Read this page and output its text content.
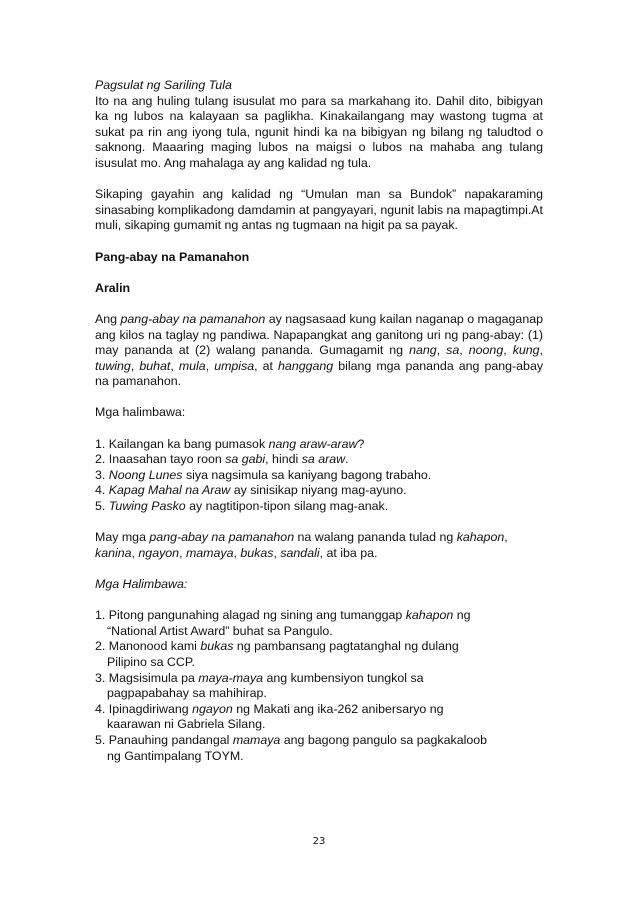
Pagsulat ng Sariling Tula

Ito na ang huling tulang isusulat mo para sa markahang ito. Dahil dito, bibigyan ka ng lubos na kalayaan sa paglikha. Kinakailangang may wastong tugma at sukat pa rin ang iyong tula, ngunit hindi ka na bibigyan ng bilang ng taludtod o saknong. Maaaring maging lubos na maigsi o lubos na mahaba ang tulang isusulat mo. Ang mahalaga ay ang kalidad ng tula.

Sikaping gayahin ang kalidad ng “Umulan man sa Bundok” napakaraming sinasabing komplikadong damdamin at pangyayari, ngunit labis na mapagtimpi.At muli, sikaping gumamit ng antas ng tugmaan na higit pa sa payak.

Pang-abay na Pamanahon

Aralin

Ang pang-abay na pamanahon ay nagsasaad kung kailan naganap o magaganap ang kilos na taglay ng pandiwa. Napapangkat ang ganitong uri ng pang-abay: (1) may pananda at (2) walang pananda. Gumagamit ng nang, sa, noong, kung, tuwing, buhat, mula, umpisa, at hanggang bilang mga pananda ang pang-abay na pamanahon.

Mga halimbawa:

1. Kailangan ka bang pumasok nang araw-araw?

2. Inaasahan tayo roon sa gabi, hindi sa araw.

3. Noong Lunes siya nagsimula sa kaniyang bagong trabaho.

4. Kapag Mahal na Araw ay sinisikap niyang mag-ayuno.

5. Tuwing Pasko ay nagtitipon-tipon silang mag-anak.

May mga pang-abay na pamanahon na walang pananda tulad ng kahapon, kanina, ngayon, mamaya, bukas, sandali, at iba pa.

Mga Halimbawa:

1. Pitong pangunahing alagad ng sining ang tumanggap kahapon ng

“National Artist Award” buhat sa Pangulo.

2. Manonood kami bukas ng pambansang pagtatanghal ng dulang

Pilipino sa CCP.

3. Magsisimula pa maya-maya ang kumbensiyon tungkol sa

pagpapabahay sa mahihirap.

4. Ipinagdiriwang ngayon ng Makati ang ika-262 anibersaryo ng

kaarawan ni Gabriela Silang.

5. Panauhing pandangal mamaya ang bagong pangulo sa pagkakaloob

ng Gantimpalang TOYM.

23
